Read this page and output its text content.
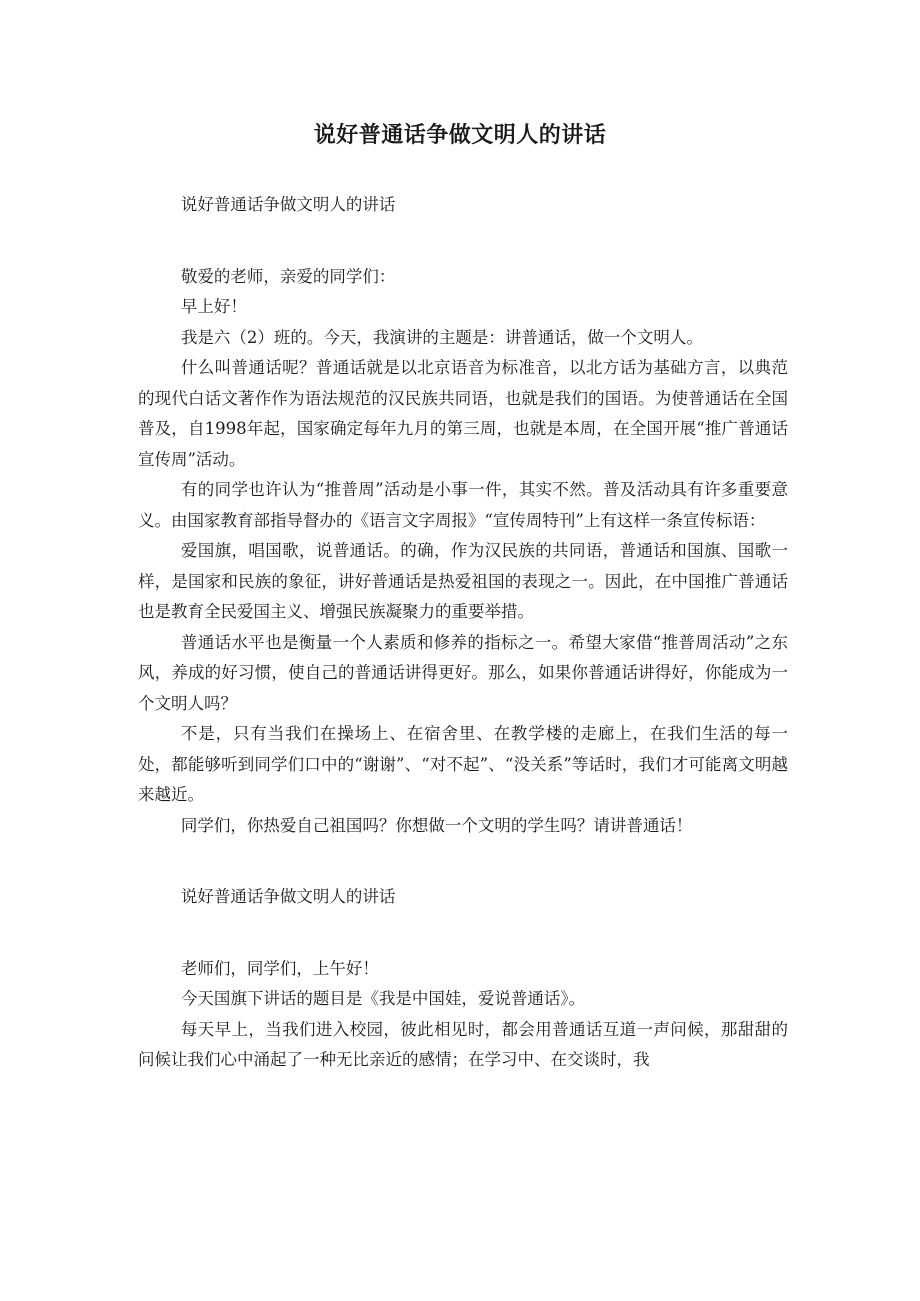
说好普通话争做文明人的讲话

说好普通话争做文明人的讲话

敬爱的老师，亲爱的同学们：

早上好！

我是六（2）班的。今天，我演讲的主题是：讲普通话，做一个文明人。

什么叫普通话呢？普通话就是以北京语音为标准音，以北方话为基础方言，以典范的现代白话文著作作为语法规范的汉民族共同语，也就是我们的国语。为使普通话在全国普及，自1998年起，国家确定每年九月的第三周，也就是本周，在全国开展“推广普通话宣传周”活动。

有的同学也许认为“推普周”活动是小事一件，其实不然。普及活动具有许多重要意义。由国家教育部指导督办的《语言文字周报》“宣传周特刊”上有这样一条宣传标语：

爱国旗，唱国歌，说普通话。的确，作为汉民族的共同语，普通话和国旗、国歌一样，是国家和民族的象征，讲好普通话是热爱祖国的表现之一。因此，在中国推广普通话也是教育全民爱国主义、增强民族凝聚力的重要举措。

普通话水平也是衡量一个人素质和修养的指标之一。希望大家借“推普周活动”之东风，养成的好习惯，使自己的普通话讲得更好。那么，如果你普通话讲得好，你能成为一个文明人吗？

不是，只有当我们在操场上、在宿舍里、在教学楼的走廊上，在我们生活的每一处，都能够听到同学们口中的“谢谢”、“对不起”、“没关系”等话时，我们才可能离文明越来越近。

同学们，你热爱自己祖国吗？你想做一个文明的学生吗？请讲普通话！

说好普通话争做文明人的讲话

老师们，同学们，上午好！

今天国旗下讲话的题目是《我是中国娃，爱说普通话》。

每天早上，当我们进入校园，彼此相见时，都会用普通话互道一声问候，那甜甜的问候让我们心中涌起了一种无比亲近的感情；在学习中、在交谈时，我
